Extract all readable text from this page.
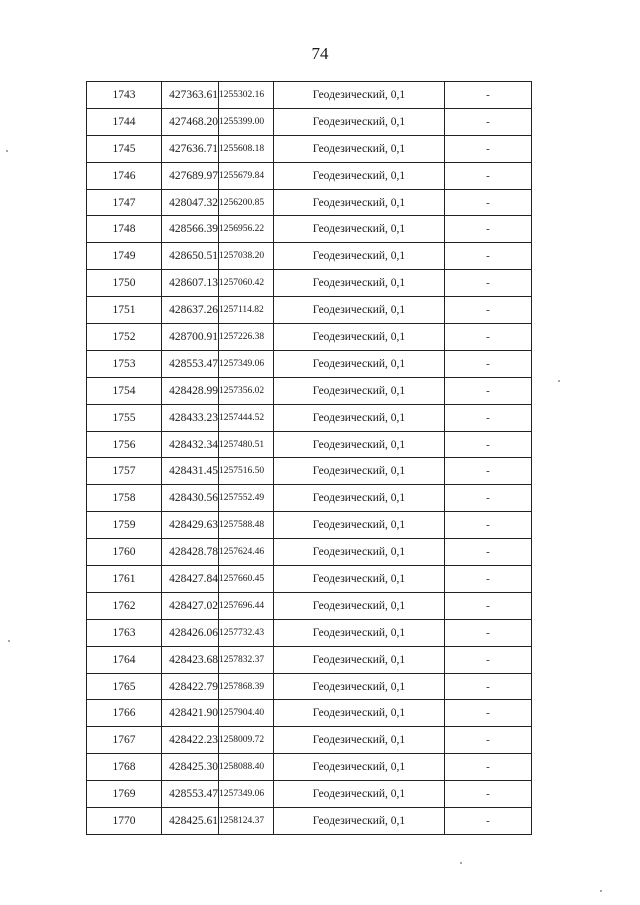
74
1743	427363.61	1255302.16	Геодезический, 0,1	-
1744	427468.20	1255399.00	Геодезический, 0,1	-
1745	427636.71	1255608.18	Геодезический, 0,1	-
1746	427689.97	1255679.84	Геодезический, 0,1	-
1747	428047.32	1256200.85	Геодезический, 0,1	-
1748	428566.39	1256956.22	Геодезический, 0,1	-
1749	428650.51	1257038.20	Геодезический, 0,1	-
1750	428607.13	1257060.42	Геодезический, 0,1	-
1751	428637.26	1257114.82	Геодезический, 0,1	-
1752	428700.91	1257226.38	Геодезический, 0,1	-
1753	428553.47	1257349.06	Геодезический, 0,1	-
1754	428428.99	1257356.02	Геодезический, 0,1	-
1755	428433.23	1257444.52	Геодезический, 0,1	-
1756	428432.34	1257480.51	Геодезический, 0,1	-
1757	428431.45	1257516.50	Геодезический, 0,1	-
1758	428430.56	1257552.49	Геодезический, 0,1	-
1759	428429.63	1257588.48	Геодезический, 0,1	-
1760	428428.78	1257624.46	Геодезический, 0,1	-
1761	428427.84	1257660.45	Геодезический, 0,1	-
1762	428427.02	1257696.44	Геодезический, 0,1	-
1763	428426.06	1257732.43	Геодезический, 0,1	-
1764	428423.68	1257832.37	Геодезический, 0,1	-
1765	428422.79	1257868.39	Геодезический, 0,1	-
1766	428421.90	1257904.40	Геодезический, 0,1	-
1767	428422.23	1258009.72	Геодезический, 0,1	-
1768	428425.30	1258088.40	Геодезический, 0,1	-
1769	428553.47	1257349.06	Геодезический, 0,1	-
1770	428425.61	1258124.37	Геодезический, 0,1	-
